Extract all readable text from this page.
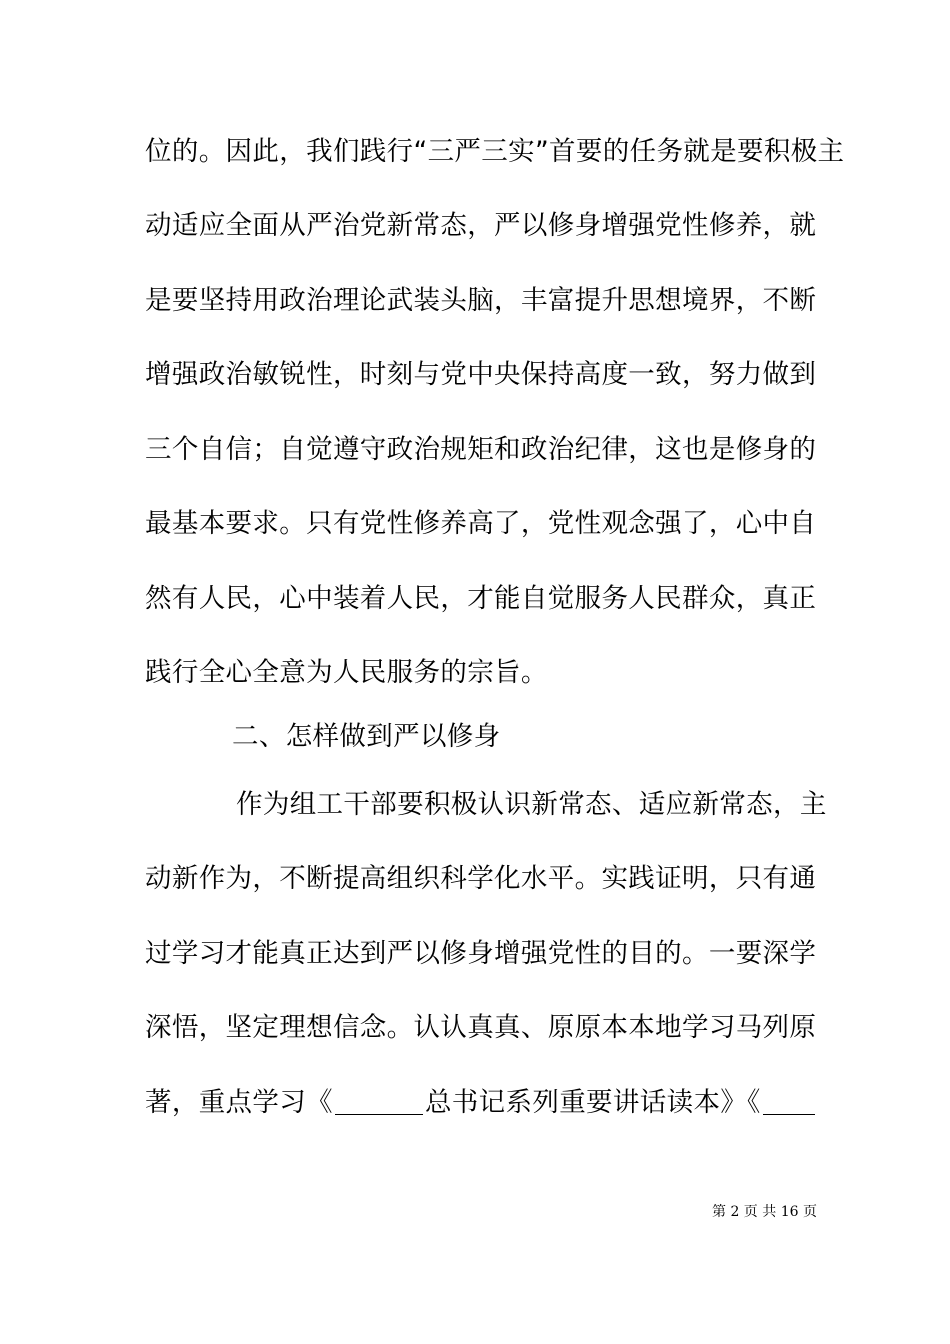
位的。因此，我们践行“三严三实”首要的任务就是要积极主
动适应全面从严治党新常态，严以修身增强党性修养，就
是要坚持用政治理论武装头脑，丰富提升思想境界，不断
增强政治敏锐性，时刻与党中央保持高度一致，努力做到
三个自信；自觉遵守政治规矩和政治纪律，这也是修身的
最基本要求。只有党性修养高了，党性观念强了，心中自
然有人民，心中装着人民，才能自觉服务人民群众，真正
践行全心全意为人民服务的宗旨。
二、怎样做到严以修身
作为组工干部要积极认识新常态、适应新常态，主
动新作为，不断提高组织科学化水平。实践证明，只有通
过学习才能真正达到严以修身增强党性的目的。一要深学
深悟，坚定理想信念。认认真真、原原本本地学习马列原
著，重点学习《	总书记系列重要讲话读本》《
第 2 页 共 16 页
